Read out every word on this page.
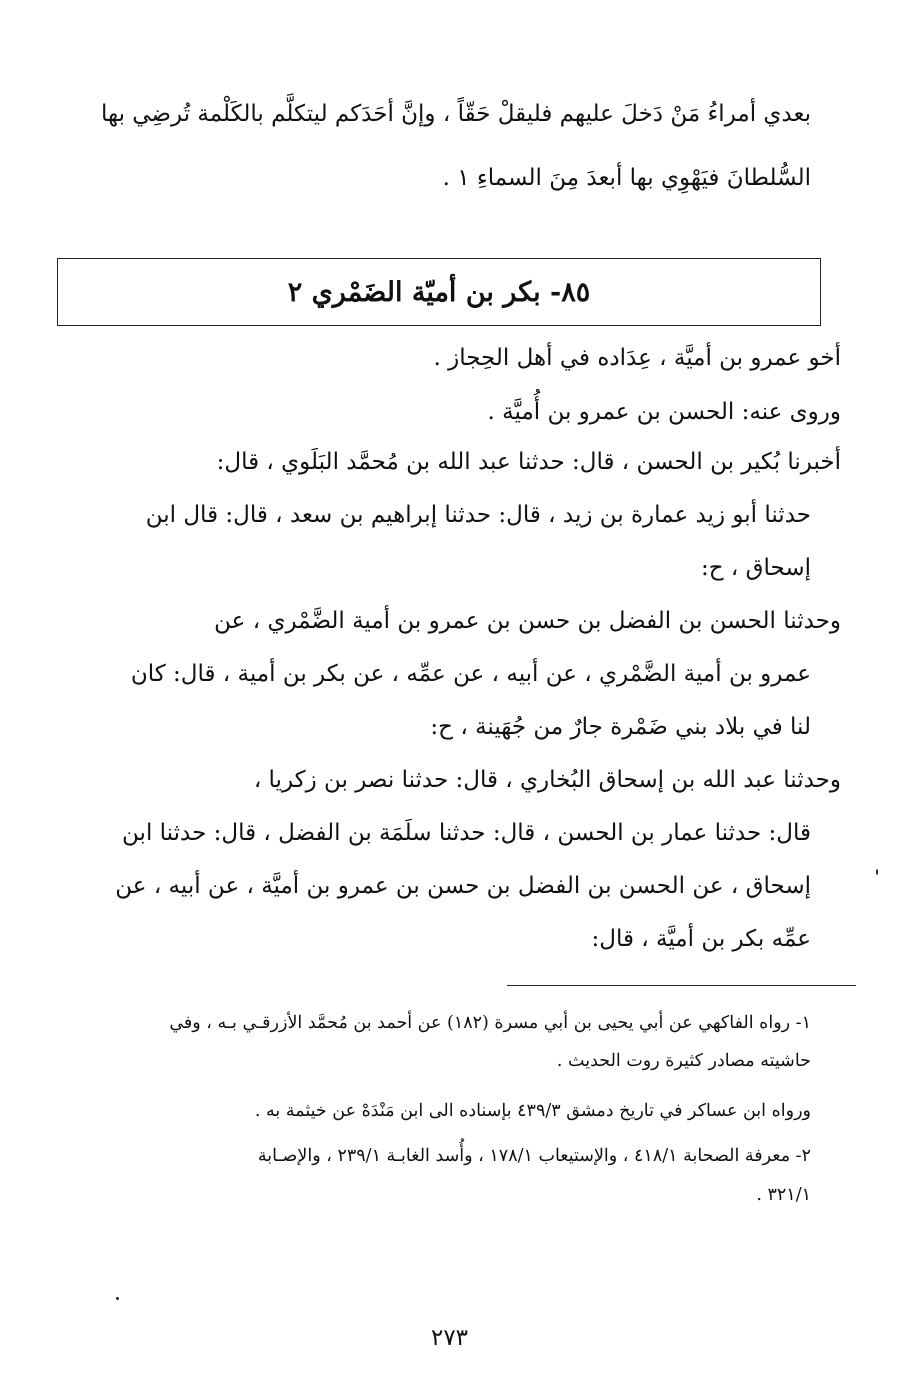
بعدي أمراءُ مَنْ دَخلَ عليهم فليقلْ حَقّاً ، وإنَّ أحَدَكم ليتكلَّم بالكَلْمة تُرضِي بها

السُّلطانَ فيَهْوِي بها أبعدَ مِنَ السماءِ ١ .

٨٥- بكر بن أميّة الضَمْري ٢

أخو عمرو بن أميَّة ، عِدَاده في أهل الحِجاز .

وروى عنه: الحسن بن عمرو بن أُميَّة .

أخبرنا بُكير بن الحسن ، قال: حدثنا عبد الله بن مُحمَّد البَلَوي ، قال:

حدثنا أبو زيد عمارة بن زيد ، قال: حدثنا إبراهيم بن سعد ، قال: قال ابن

إسحاق ، ح:

وحدثنا الحسن بن الفضل بن حسن بن عمرو بن أمية الضَّمْري ، عن

عمرو بن أمية الضَّمْري ، عن أبيه ، عن عمِّه ، عن بكر بن أمية ، قال: كان

لنا في بلاد بني ضَمْرة جارٌ من جُهَينة ، ح:

وحدثنا عبد الله بن إسحاق البُخاري ، قال: حدثنا نصر بن زكريا ،

قال: حدثنا عمار بن الحسن ، قال: حدثنا سلَمَة بن الفضل ، قال: حدثنا ابن

إسحاق ، عن الحسن بن الفضل بن حسن بن عمرو بن أميَّة ، عن أبيه ، عن

عمِّه بكر بن أميَّة ، قال:

١- رواه الفاكهي عن أبي يحيى بن أبي مسرة (١٨٢) عن أحمد بن مُحمَّد الأزرقـي بـه ، وفي

حاشيته مصادر كثيرة روت الحديث .

ورواه ابن عساكر في تاريخ دمشق ٤٣٩/٣ بإسناده الى ابن مَنْدَهْ عن خيثمة به .

٢- معرفة الصحابة ٤١٨/١ ، والإستيعاب ١٧٨/١ ، وأُسد الغابـة ٢٣٩/١ ، والإصـابة

٣٢١/١ .

٢٧٣
